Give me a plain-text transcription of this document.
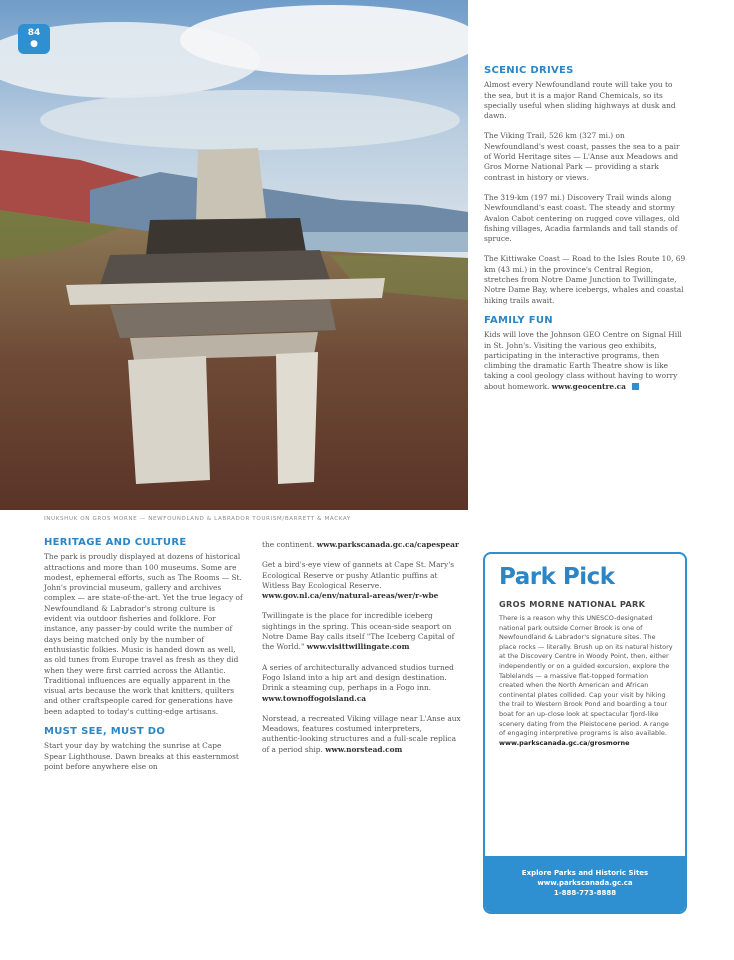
84
●
INUKSHUK ON GROS MORNE — NEWFOUNDLAND & LABRADOR TOURISM/BARRETT & MACKAY
HERITAGE AND CULTURE

The park is proudly displayed at dozens of historical attractions and more than 100 museums. Some are modest, ephemeral efforts, such as The Rooms — St. John's provincial museum, gallery and archives complex — are state-of-the-art. Yet the true legacy of Newfoundland & Labrador's strong culture is evident via outdoor fisheries and folklore. For instance, any passer-by could write the number of days being matched only by the number of enthusiastic folkies. Music is handed down as well, as old tunes from Europe travel as fresh as they did when they were first carried across the Atlantic. Traditional influences are equally apparent in the visual arts because the work that knitters, quilters and other craftspeople cared for generations have been adapted to today's cutting-edge artisans.

MUST SEE, MUST DO

Start your day by watching the sunrise at Cape Spear Lighthouse. Dawn breaks at this easternmost point before anywhere else on

the continent. www.parkscanada.gc.ca/capespear

Get a bird's-eye view of gannets at Cape St. Mary's Ecological Reserve or pushy Atlantic puffins at Witless Bay Ecological Reserve. www.gov.nl.ca/env/natural-areas/wer/r-wbe

Twillingate is the place for incredible iceberg sightings in the spring. This ocean-side seaport on Notre Dame Bay calls itself "The Iceberg Capital of the World." www.visittwillingate.com

A series of architecturally advanced studios turned Fogo Island into a hip art and design destination. Drink a steaming cup, perhaps in a Fogo inn. www.townoffogoisland.ca

Norstead, a recreated Viking village near L'Anse aux Meadows, features costumed interpreters, authentic-looking structures and a full-scale replica of a period ship. www.norstead.com

SCENIC DRIVES

Almost every Newfoundland route will take you to the sea, but it is a major Rand Chemicals, so its specially useful when sliding highways at dusk and dawn.

The Viking Trail, 526 km (327 mi.) on Newfoundland's west coast, passes the sea to a pair of World Heritage sites — L'Anse aux Meadows and Gros Morne National Park — providing a stark contrast in history or views.

The 319-km (197 mi.) Discovery Trail winds along Newfoundland's east coast. The steady and stormy Avalon Cabot centering on rugged cove villages, old fishing villages, Acadia farmlands and tall stands of spruce.

The Kittiwake Coast — Road to the Isles Route 10, 69 km (43 mi.) in the province's Central Region, stretches from Notre Dame Junction to Twillingate, Notre Dame Bay, where icebergs, whales and coastal hiking trails await.

FAMILY FUN

Kids will love the Johnson GEO Centre on Signal Hill in St. John's. Visiting the various geo exhibits, participating in the interactive programs, then climbing the dramatic Earth Theatre show is like taking a cool geology class without having to worry about homework. www.geocentre.ca

Park Pick
GROS MORNE NATIONAL PARK
There is a reason why this UNESCO-designated national park outside Corner Brook is one of Newfoundland & Labrador's signature sites. The place rocks — literally. Brush up on its natural history at the Discovery Centre in Woody Point, then, either independently or on a guided excursion, explore the Tablelands — a massive flat-topped formation created when the North American and African continental plates collided. Cap your visit by hiking the trail to Western Brook Pond and boarding a tour boat for an up-close look at spectacular fjord-like scenery dating from the Pleistocene period. A range of engaging interpretive programs is also available. www.parkscanada.gc.ca/grosmorne
Explore Parks and Historic Sites
www.parkscanada.gc.ca
1-888-773-8888
